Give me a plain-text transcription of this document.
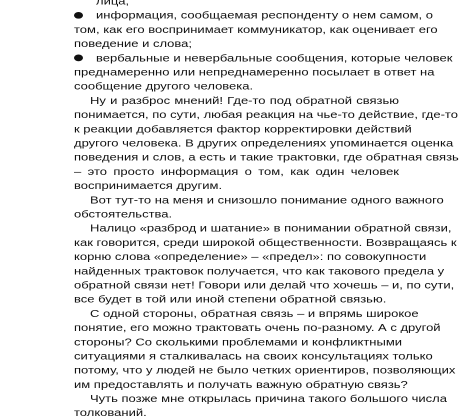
лица;
информация, сообщаемая респонденту о нем самом, о
том, как его воспринимает коммуникатор, как оценивает его
поведение и слова;
вербальные и невербальные сообщения, которые человек
преднамеренно или непреднамеренно посылает в ответ на
сообщение другого человека.
Ну и разброс мнений! Где-то под обратной связью
понимается, по сути, любая реакция на чье-то действие, где-то
к реакции добавляется фактор корректировки действий
другого человека. В других определениях упоминается оценка
поведения и слов, а есть и такие трактовки, где обратная связь
– это просто информация о том, как один человек
воспринимается другим.
Вот тут-то на меня и снизошло понимание одного важного
обстоятельства.
Налицо «разброд и шатание» в понимании обратной связи,
как говорится, среди широкой общественности. Возвращаясь к
корню слова «определение» – «предел»: по совокупности
найденных трактовок получается, что как такового предела у
обратной связи нет! Говори или делай что хочешь – и, по сути,
все будет в той или иной степени обратной связью.
С одной стороны, обратная связь – и впрямь широкое
понятие, его можно трактовать очень по-разному. А с другой
стороны? Со сколькими проблемами и конфликтными
ситуациями я сталкивалась на своих консультациях только
потому, что у людей не было четких ориентиров, позволяющих
им предоставлять и получать важную обратную связь?
Чуть позже мне открылась причина такого большого числа
толкований.
